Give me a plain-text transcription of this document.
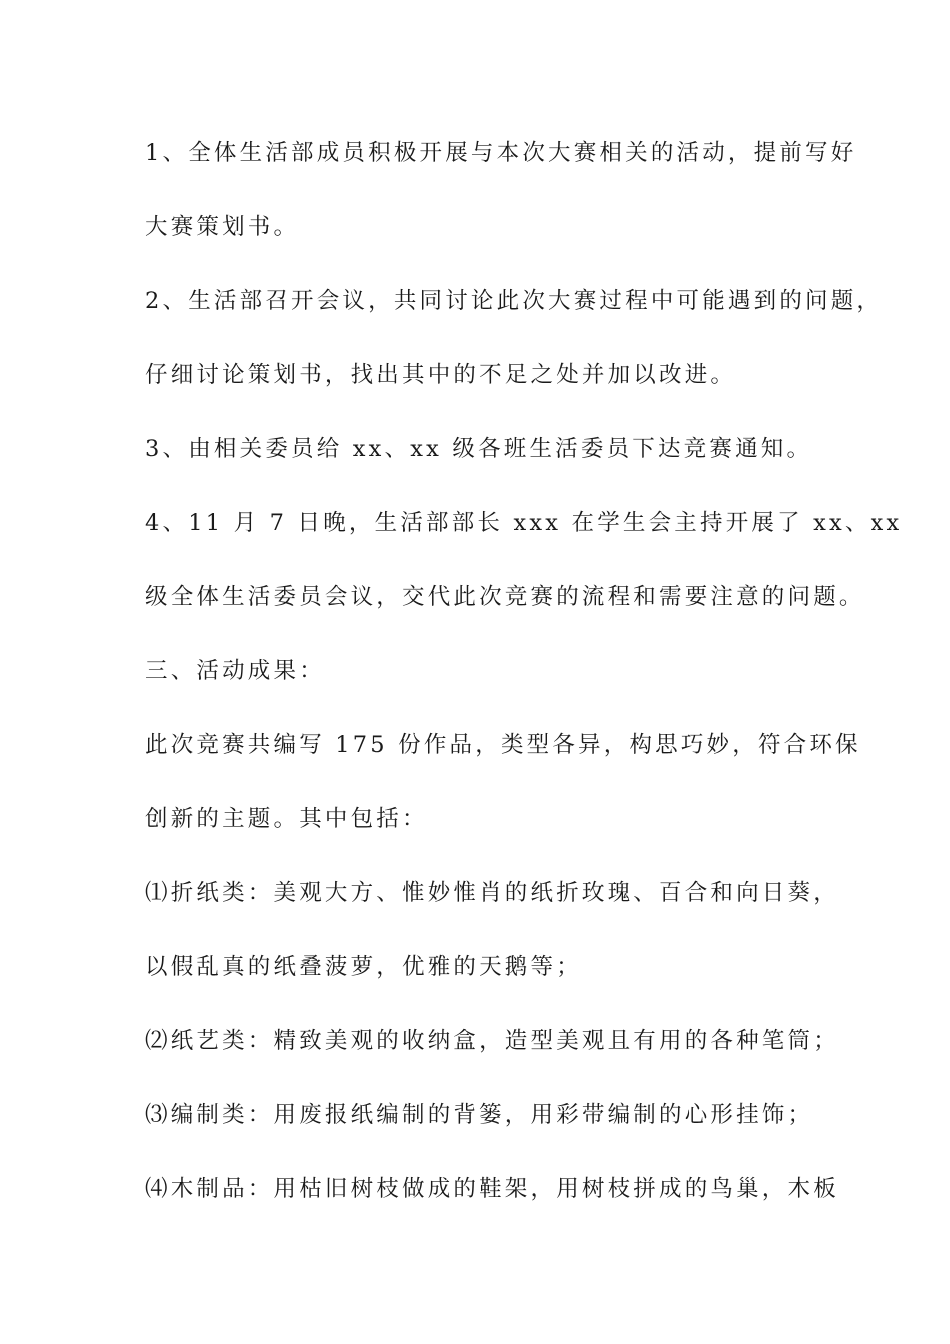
1、全体生活部成员积极开展与本次大赛相关的活动，提前写好
大赛策划书。
2、生活部召开会议，共同讨论此次大赛过程中可能遇到的问题，
仔细讨论策划书，找出其中的不足之处并加以改进。
3、由相关委员给 xx、xx 级各班生活委员下达竞赛通知。
4、11 月 7 日晚，生活部部长 xxx 在学生会主持开展了 xx、xx
级全体生活委员会议，交代此次竞赛的流程和需要注意的问题。
三、活动成果：
此次竞赛共编写 175 份作品，类型各异，构思巧妙，符合环保
创新的主题。其中包括：
⑴折纸类：美观大方、惟妙惟肖的纸折玫瑰、百合和向日葵，
以假乱真的纸叠菠萝，优雅的天鹅等；
⑵纸艺类：精致美观的收纳盒，造型美观且有用的各种笔筒；
⑶编制类：用废报纸编制的背篓，用彩带编制的心形挂饰；
⑷木制品：用枯旧树枝做成的鞋架，用树枝拼成的鸟巢，木板
